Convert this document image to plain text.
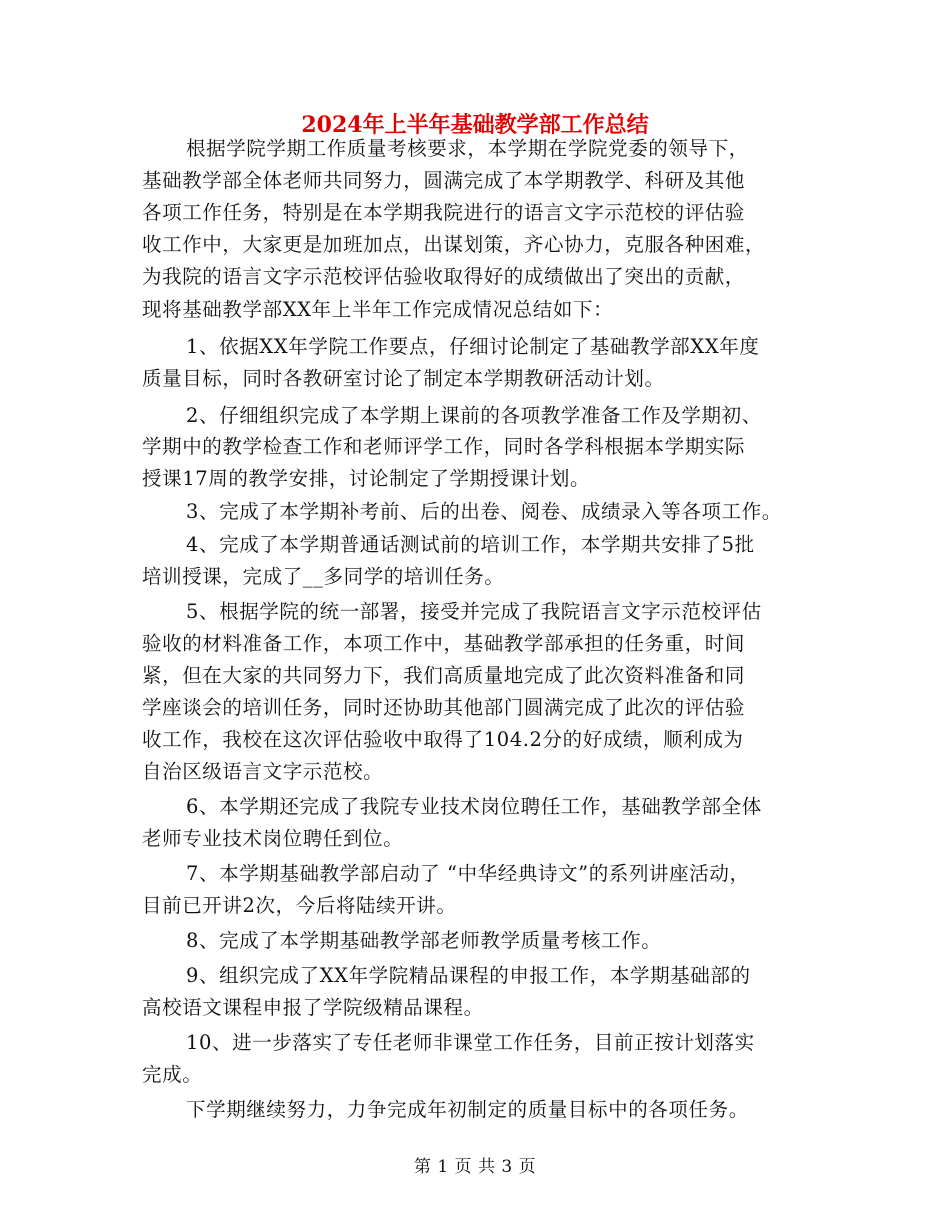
2024年上半年基础教学部工作总结
根据学院学期工作质量考核要求，本学期在学院党委的领导下，
基础教学部全体老师共同努力，圆满完成了本学期教学、科研及其他
各项工作任务，特别是在本学期我院进行的语言文字示范校的评估验
收工作中，大家更是加班加点，出谋划策，齐心协力，克服各种困难，
为我院的语言文字示范校评估验收取得好的成绩做出了突出的贡献，
现将基础教学部XX年上半年工作完成情况总结如下：
1、依据XX年学院工作要点，仔细讨论制定了基础教学部XX年度
质量目标，同时各教研室讨论了制定本学期教研活动计划。
2、仔细组织完成了本学期上课前的各项教学准备工作及学期初、
学期中的教学检查工作和老师评学工作，同时各学科根据本学期实际
授课17周的教学安排，讨论制定了学期授课计划。
3、完成了本学期补考前、后的出卷、阅卷、成绩录入等各项工作。
4、完成了本学期普通话测试前的培训工作，本学期共安排了5批
培训授课，完成了__多同学的培训任务。
5、根据学院的统一部署，接受并完成了我院语言文字示范校评估
验收的材料准备工作，本项工作中，基础教学部承担的任务重，时间
紧，但在大家的共同努力下，我们高质量地完成了此次资料准备和同
学座谈会的培训任务，同时还协助其他部门圆满完成了此次的评估验
收工作，我校在这次评估验收中取得了104.2分的好成绩，顺利成为
自治区级语言文字示范校。
6、本学期还完成了我院专业技术岗位聘任工作，基础教学部全体
老师专业技术岗位聘任到位。
7、本学期基础教学部启动了 “中华经典诗文”的系列讲座活动，
目前已开讲2次，今后将陆续开讲。
8、完成了本学期基础教学部老师教学质量考核工作。
9、组织完成了XX年学院精品课程的申报工作，本学期基础部的
高校语文课程申报了学院级精品课程。
10、进一步落实了专任老师非课堂工作任务，目前正按计划落实
完成。
下学期继续努力，力争完成年初制定的质量目标中的各项任务。
第 1 页 共 3 页
